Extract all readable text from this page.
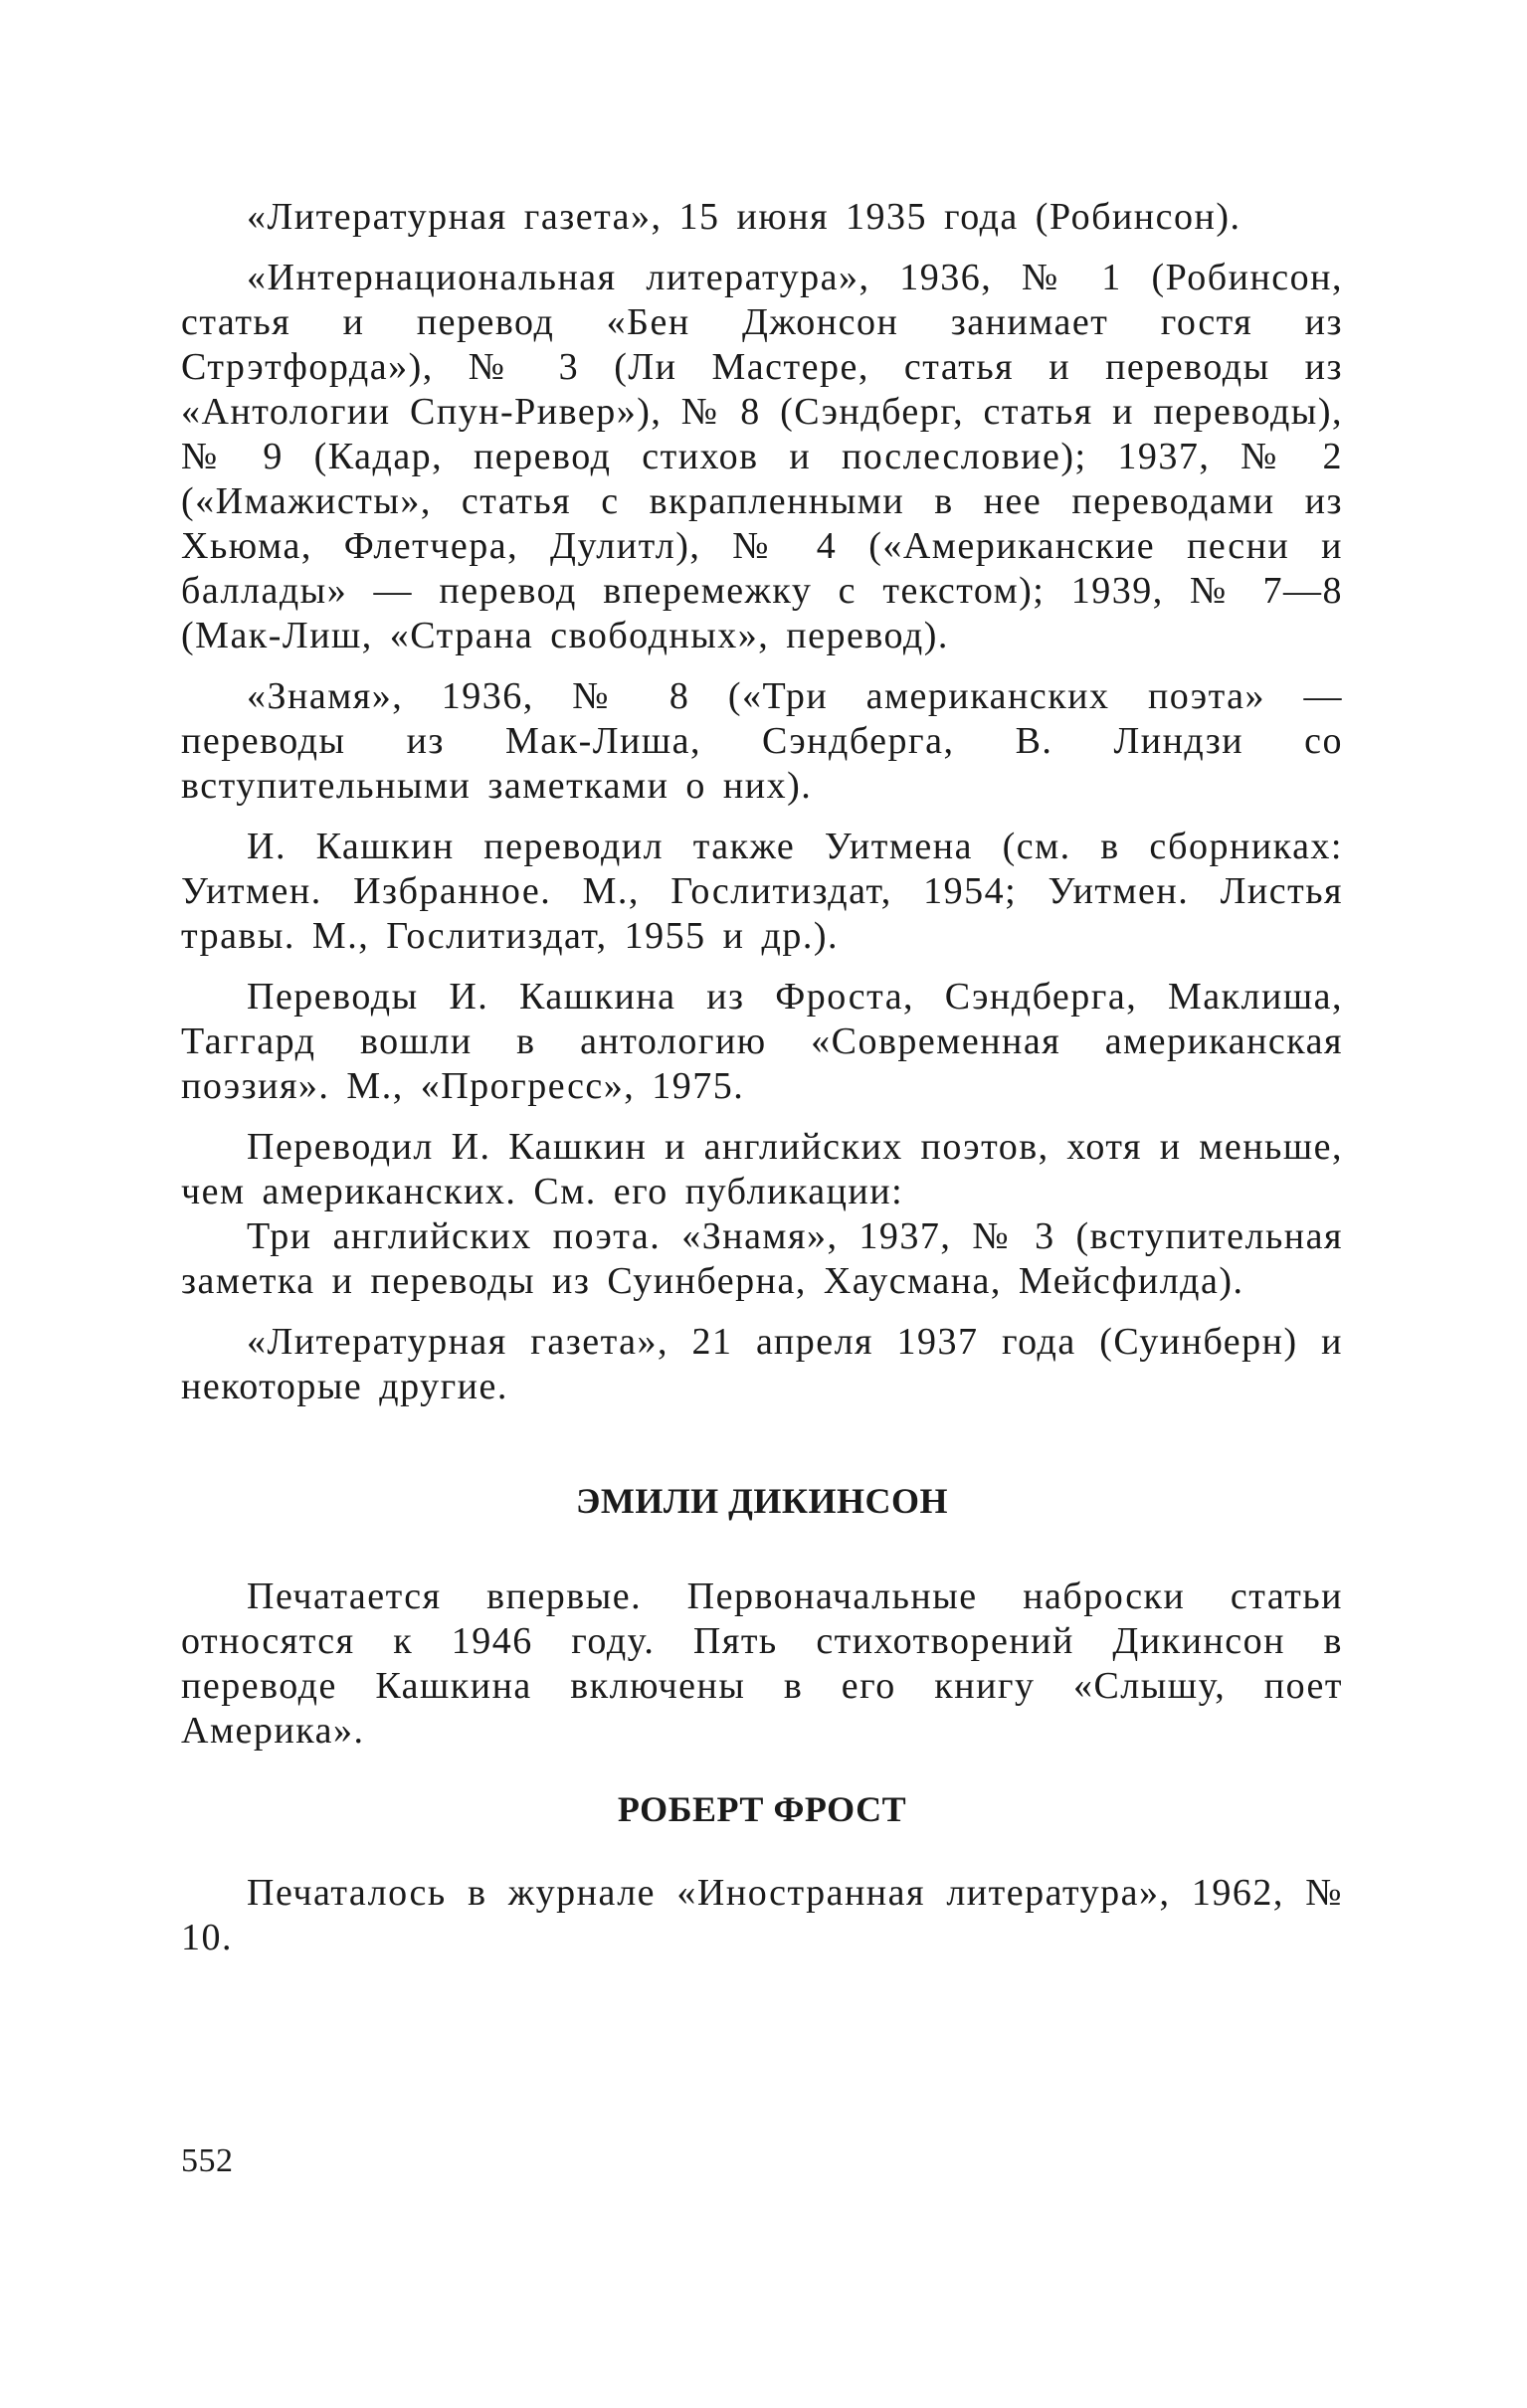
«Литературная газета», 15 июня 1935 года (Робинсон).

«Интернациональная литература», 1936, № 1 (Робинсон, статья и перевод «Бен Джонсон занимает гостя из Стрэтфорда»), № 3 (Ли Мастере, статья и переводы из «Антологии Спун-Ривер»), № 8 (Сэндберг, статья и переводы), № 9 (Кадар, перевод стихов и послесловие); 1937, № 2 («Имажисты», статья с вкрапленными в нее переводами из Хьюма, Флетчера, Дулитл), № 4 («Американские песни и баллады» — перевод вперемежку с текстом); 1939, № 7—8 (Мак-Лиш, «Страна свободных», перевод).

«Знамя», 1936, № 8 («Три американских поэта» — переводы из Мак-Лиша, Сэндберга, В. Линдзи со вступительными заметками о них).

И. Кашкин переводил также Уитмена (см. в сборниках: Уитмен. Избранное. М., Гослитиздат, 1954; Уитмен. Листья травы. М., Гослитиздат, 1955 и др.).

Переводы И. Кашкина из Фроста, Сэндберга, Маклиша, Таггард вошли в антологию «Современная американская поэзия». М., «Прогресс», 1975.

Переводил И. Кашкин и английских поэтов, хотя и меньше, чем американских. См. его публикации:

Три английских поэта. «Знамя», 1937, № 3 (вступительная заметка и переводы из Суинберна, Хаусмана, Мейсфилда).

«Литературная газета», 21 апреля 1937 года (Суинберн) и некоторые другие.

ЭМИЛИ ДИКИНСОН

Печатается впервые. Первоначальные наброски статьи относятся к 1946 году. Пять стихотворений Дикинсон в переводе Кашкина включены в его книгу «Слышу, поет Америка».

РОБЕРТ ФРОСТ

Печаталось в журнале «Иностранная литература», 1962, № 10.

552
